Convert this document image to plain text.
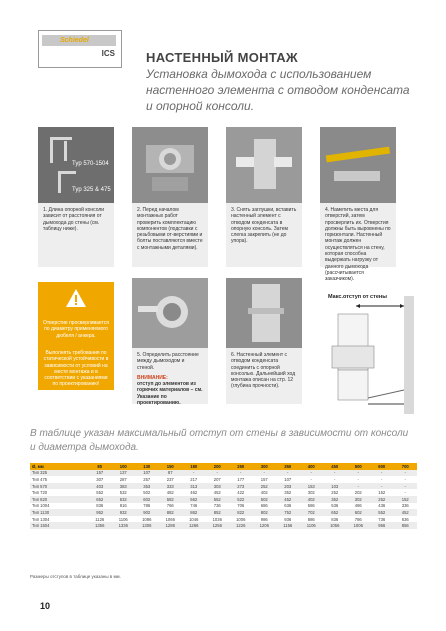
Schiedel
ICS НАСТЕННЫЙ МОНТАЖ
Установка дымохода с использованием настенного элемента с отводом конденсата и опорной консоли.
Typ 570-1504
Typ 325 & 475
1. Длина опорной консоли зависит от расстояния от дымохода до стены (см. таблицу ниже).
2. Перед началом монтажных работ проверить комплектацию компонентов (подставки с резьбовыми от-верстиями и болты поставляются вместе с монтажными деталями).
3. Снять заглушки, вставить настенный элемент с отводом конденсата в опорную консоль. Затем слегка закрепить (не до упора).
4. Наметить места для отверстий, затем просверлить их. Отверстия должны быть выровнены по горизонтали. Настенный монтаж должен осуществляться на стену, которая способна выдержать нагрузку от данного дымохода (рассчитывается заказчиком).
Отверстие просверливается по диаметру применяемого дюбеля / анкера.
Выполнять требования по статической устойчивости в зависимости от условий на месте монтажа и в соответствии с указаниями по проектированию!
5. Определить расстояние между дымоходом и стеной.
ВНИМАНИЕ:
отступ до элементов из горючих материалов – см. Указание по проектированию.
6. Настенный элемент с отводом конденсата соединить с опорной консолью. Дальнейший ход монтажа описан на стр. 12 (глубина прочности).
Макс.отступ от стены
В таблице указан максимальный отступ от стены в зависимости от консоли и диаметра дымохода.
Ø, мм	80	100	130	150	180	200	250	300	350	400	450	500	600	700
Тип 325	157	137	107	87	-	-	-	-	-	-	-	-	-	-
Тип 475	307	287	257	237	217	207	177	157	107	-	-	-	-	-
Тип 570	403	383	353	333	313	303	273	252	203	153	103	-	-	-
Тип 720	552	532	502	482	462	452	422	402	352	302	252	202	152	-
Тип 820	652	632	602	582	562	552	522	502	452	402	352	302	252	152
Тип 1004	836	816	786	766	746	736	706	686	636	586	536	486	436	336
Тип 1130	952	932	902	882	862	852	822	802	752	702	652	602	552	452
Тип 1304	1126	1106	1086	1066	1046	1036	1006	986	936	886	836	786	736	636
Тип 1504	1356	1336	1306	1286	1266	1256	1226	1206	1156	1106	1056	1006	956	856
Размеры отступов в таблице указаны в мм.
10
